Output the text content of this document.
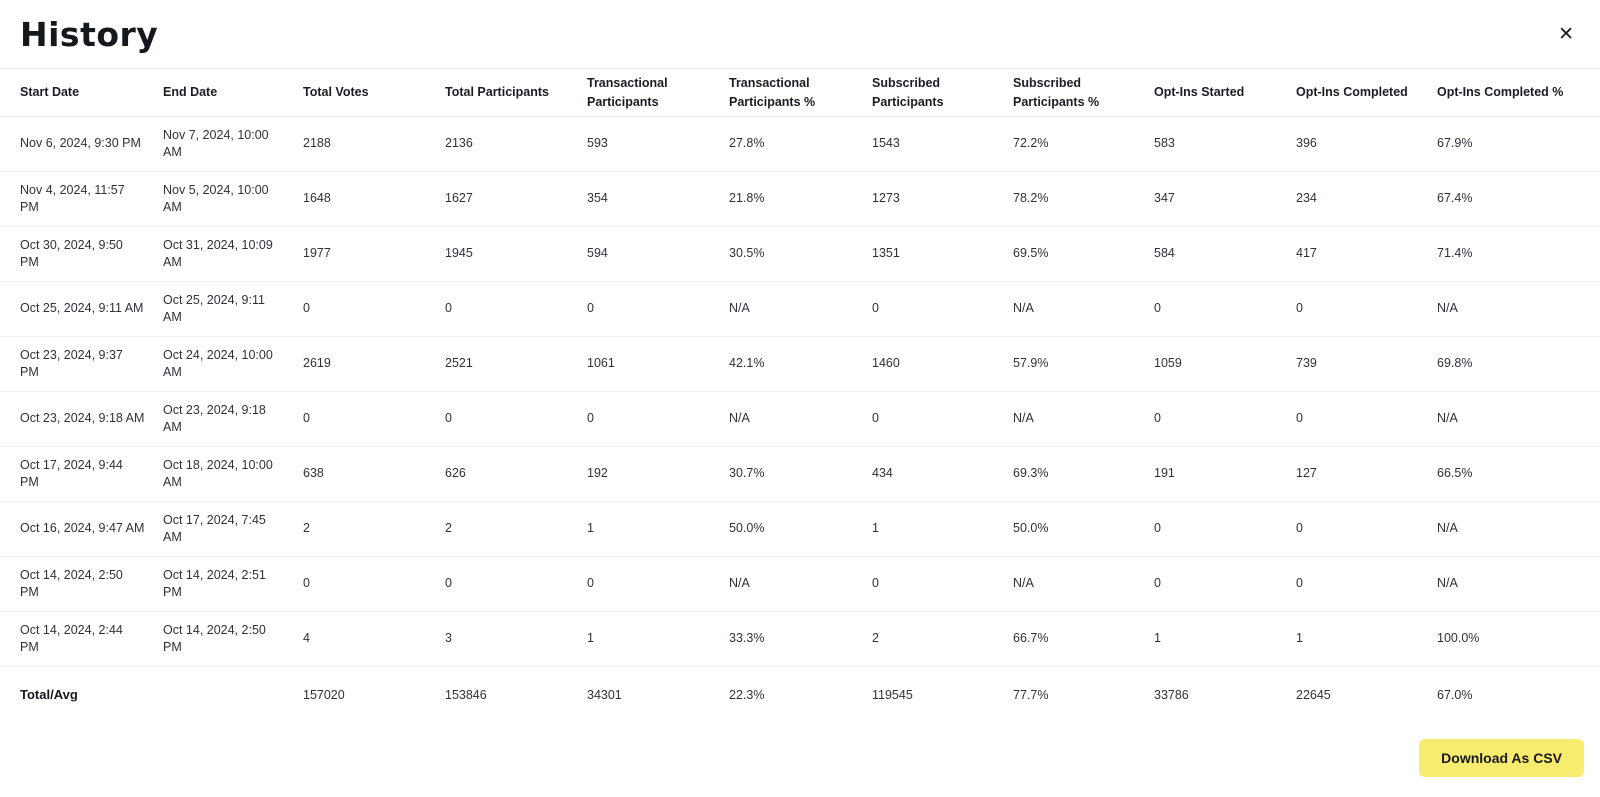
History	✕
Start Date	End Date	Total Votes	Total Participants	Transactional Participants	Transactional Participants %	Subscribed Participants	Subscribed Participants %	Opt-Ins Started	Opt-Ins Completed	Opt-Ins Completed %
Nov 6, 2024, 9:30 PM	Nov 7, 2024, 10:00 AM	2188	2136	593	27.8%	1543	72.2%	583	396	67.9%
Nov 4, 2024, 11:57 PM	Nov 5, 2024, 10:00 AM	1648	1627	354	21.8%	1273	78.2%	347	234	67.4%
Oct 30, 2024, 9:50 PM	Oct 31, 2024, 10:09 AM	1977	1945	594	30.5%	1351	69.5%	584	417	71.4%
Oct 25, 2024, 9:11 AM	Oct 25, 2024, 9:11 AM	0	0	0	N/A	0	N/A	0	0	N/A
Oct 23, 2024, 9:37 PM	Oct 24, 2024, 10:00 AM	2619	2521	1061	42.1%	1460	57.9%	1059	739	69.8%
Oct 23, 2024, 9:18 AM	Oct 23, 2024, 9:18 AM	0	0	0	N/A	0	N/A	0	0	N/A
Oct 17, 2024, 9:44 PM	Oct 18, 2024, 10:00 AM	638	626	192	30.7%	434	69.3%	191	127	66.5%
Oct 16, 2024, 9:47 AM	Oct 17, 2024, 7:45 AM	2	2	1	50.0%	1	50.0%	0	0	N/A
Oct 14, 2024, 2:50 PM	Oct 14, 2024, 2:51 PM	0	0	0	N/A	0	N/A	0	0	N/A
Oct 14, 2024, 2:44 PM	Oct 14, 2024, 2:50 PM	4	3	1	33.3%	2	66.7%	1	1	100.0%
Total/Avg		157020	153846	34301	22.3%	119545	77.7%	33786	22645	67.0%
Download As CSV
